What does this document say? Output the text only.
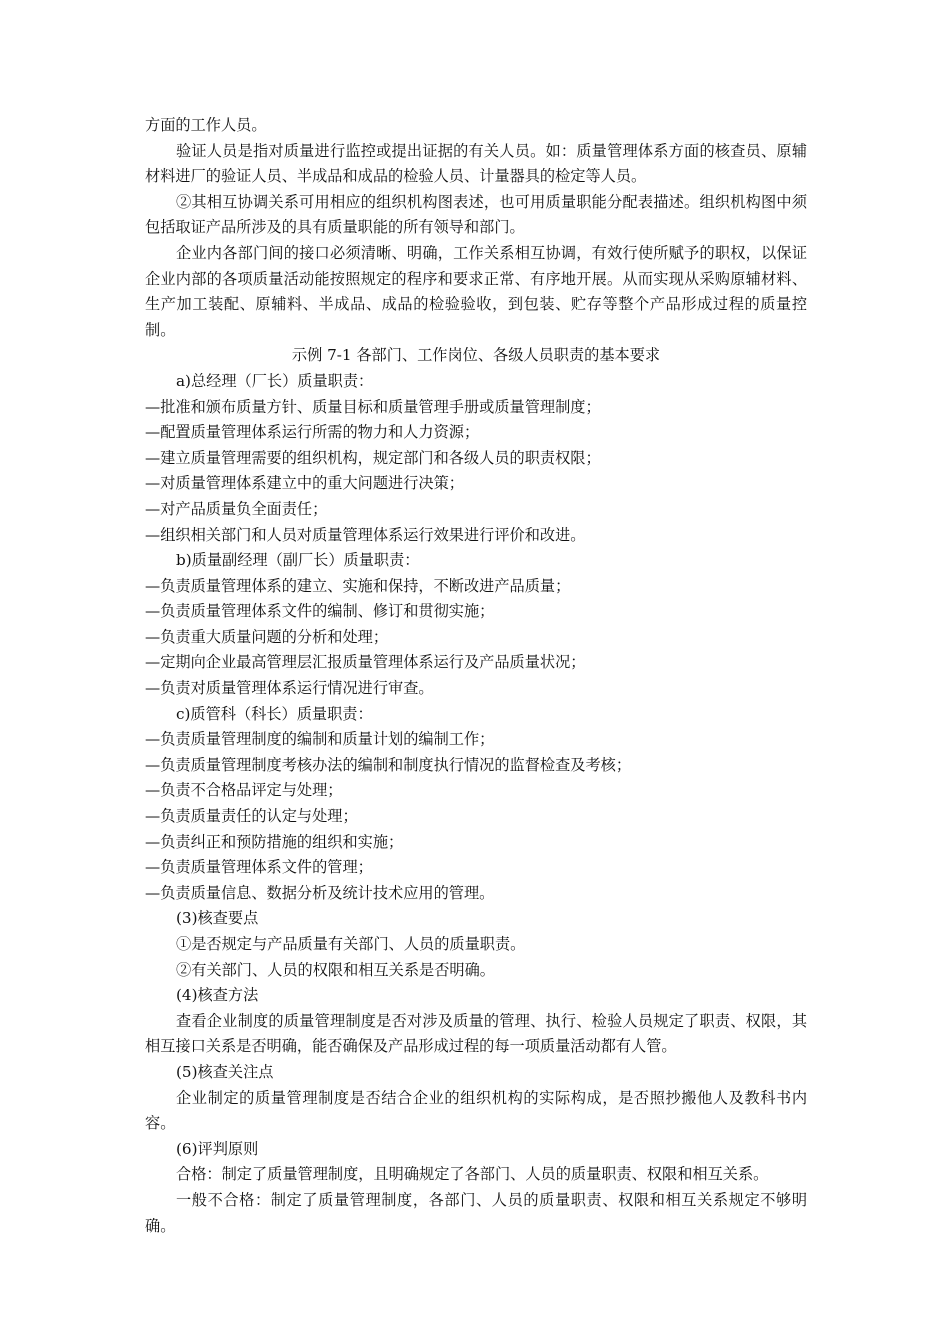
方面的工作人员。

验证人员是指对质量进行监控或提出证据的有关人员。如：质量管理体系方面的核查员、原辅材料进厂的验证人员、半成品和成品的检验人员、计量器具的检定等人员。

②其相互协调关系可用相应的组织机构图表述，也可用质量职能分配表描述。组织机构图中须包括取证产品所涉及的具有质量职能的所有领导和部门。

企业内各部门间的接口必须清晰、明确，工作关系相互协调，有效行使所赋予的职权，以保证企业内部的各项质量活动能按照规定的程序和要求正常、有序地开展。从而实现从采购原辅材料、生产加工装配、原辅料、半成品、成品的检验验收，到包装、贮存等整个产品形成过程的质量控制。

示例 7-1 各部门、工作岗位、各级人员职责的基本要求

a)总经理（厂长）质量职责：

—批准和颁布质量方针、质量目标和质量管理手册或质量管理制度；

—配置质量管理体系运行所需的物力和人力资源；

—建立质量管理需要的组织机构，规定部门和各级人员的职责权限；

—对质量管理体系建立中的重大问题进行决策；

—对产品质量负全面责任；

—组织相关部门和人员对质量管理体系运行效果进行评价和改进。

b)质量副经理（副厂长）质量职责：

—负责质量管理体系的建立、实施和保持，不断改进产品质量；

—负责质量管理体系文件的编制、修订和贯彻实施；

—负责重大质量问题的分析和处理；

—定期向企业最高管理层汇报质量管理体系运行及产品质量状况；

—负责对质量管理体系运行情况进行审查。

c)质管科（科长）质量职责：

—负责质量管理制度的编制和质量计划的编制工作；

—负责质量管理制度考核办法的编制和制度执行情况的监督检查及考核；

—负责不合格品评定与处理；

—负责质量责任的认定与处理；

—负责纠正和预防措施的组织和实施；

—负责质量管理体系文件的管理；

—负责质量信息、数据分析及统计技术应用的管理。

(3)核查要点

①是否规定与产品质量有关部门、人员的质量职责。

②有关部门、人员的权限和相互关系是否明确。

(4)核查方法

查看企业制度的质量管理制度是否对涉及质量的管理、执行、检验人员规定了职责、权限，其相互接口关系是否明确，能否确保及产品形成过程的每一项质量活动都有人管。

(5)核查关注点

企业制定的质量管理制度是否结合企业的组织机构的实际构成，是否照抄搬他人及教科书内容。

(6)评判原则

合格：制定了质量管理制度，且明确规定了各部门、人员的质量职责、权限和相互关系。

一般不合格：制定了质量管理制度，各部门、人员的质量职责、权限和相互关系规定不够明确。
